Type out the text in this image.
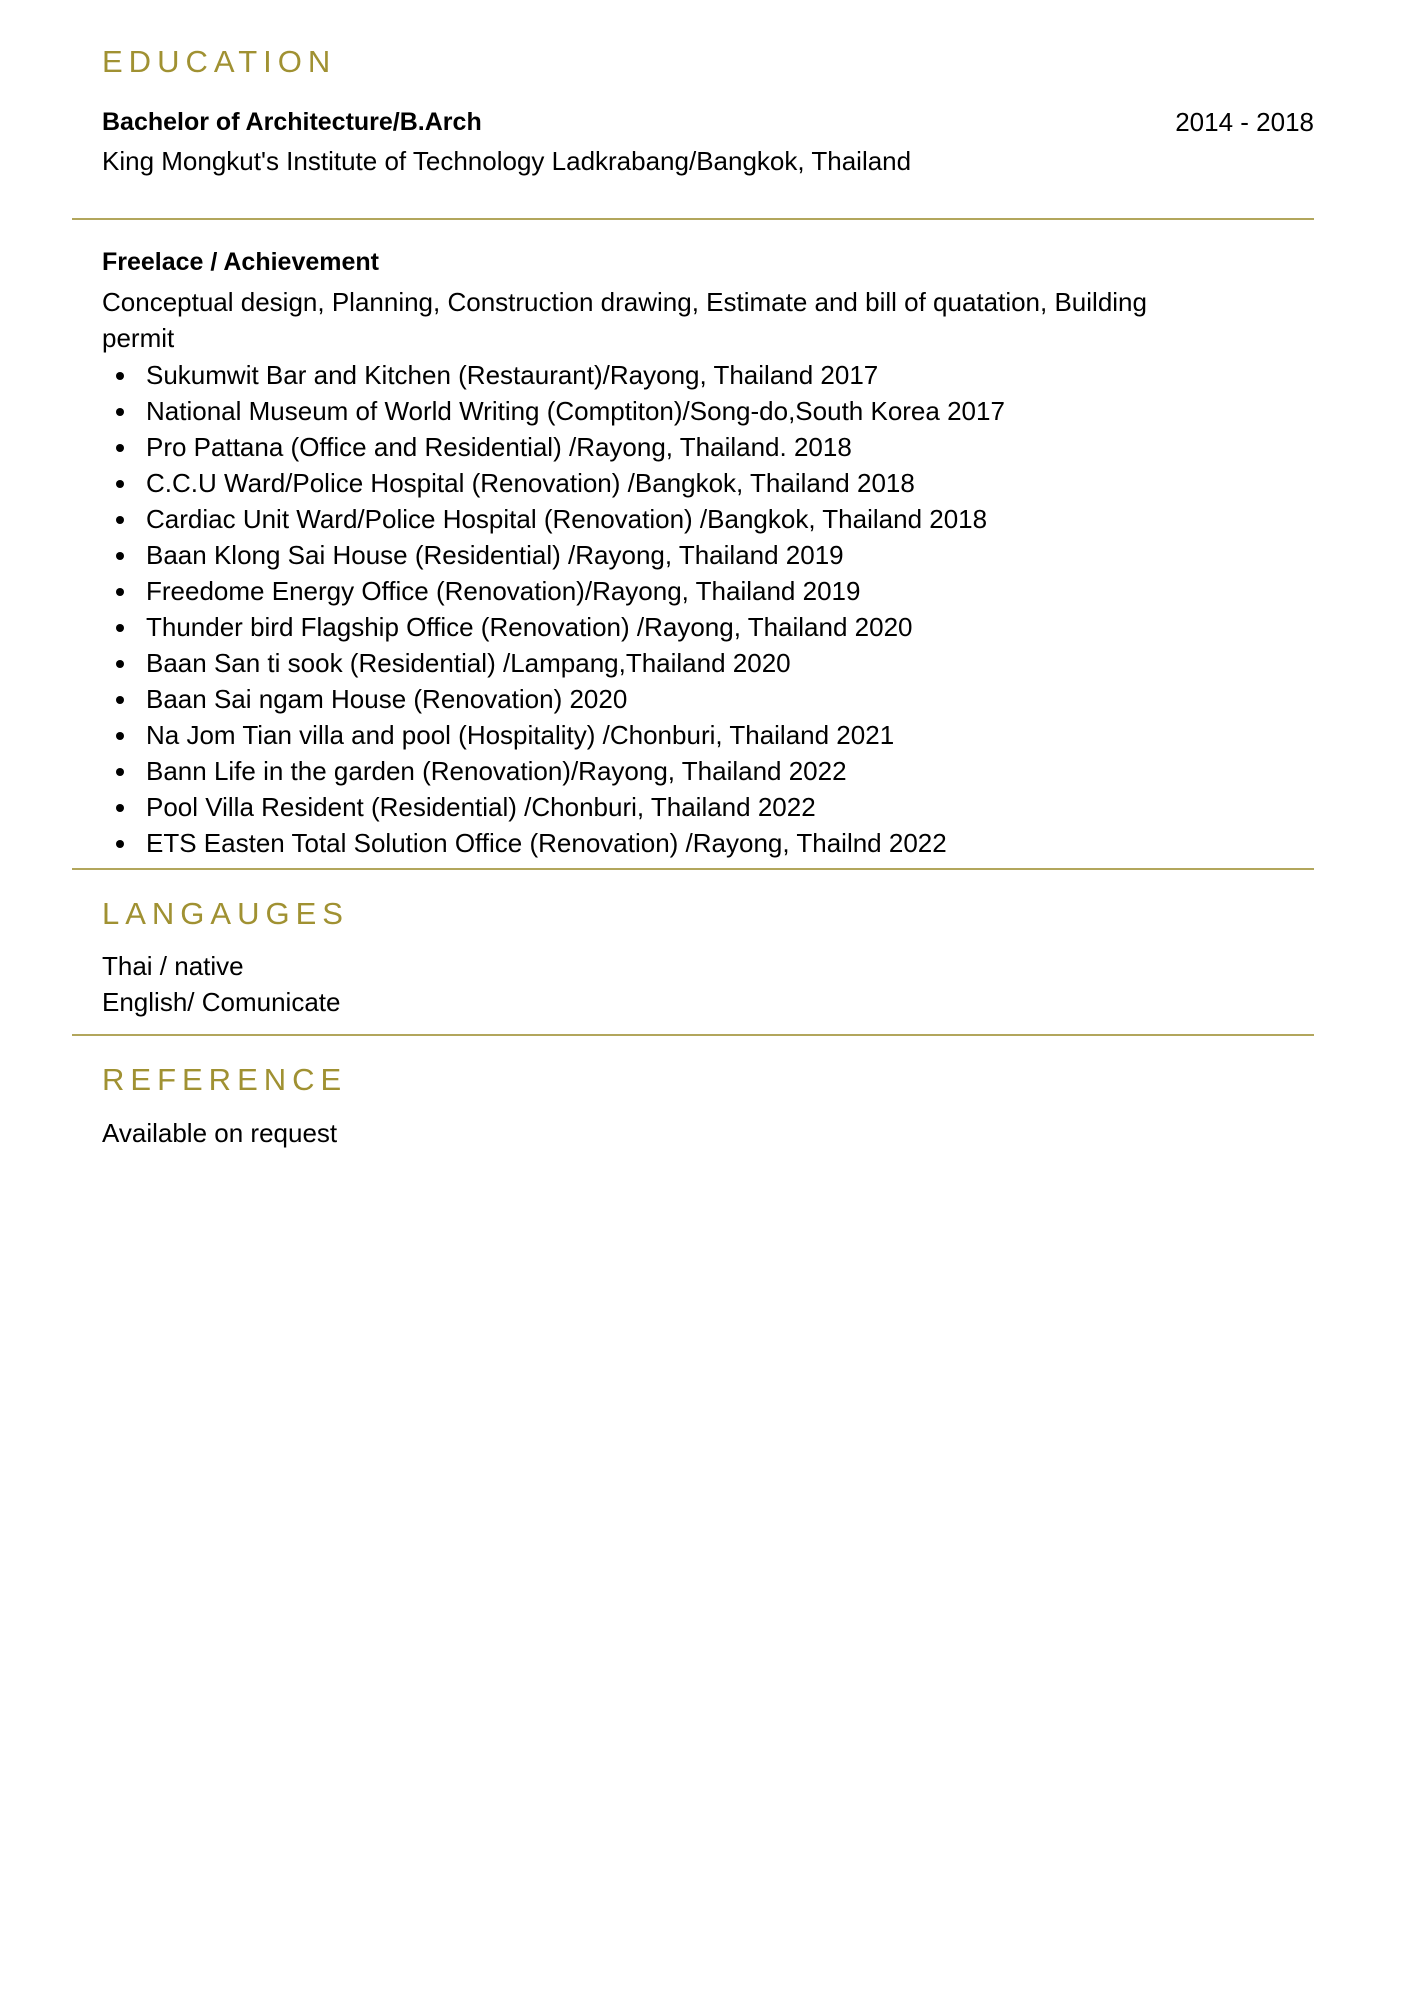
EDUCATION

Bachelor of Architecture/B.Arch	2014 - 2018

King Mongkut's Institute of Technology Ladkrabang/Bangkok, Thailand

Freelace / Achievement

Conceptual design, Planning, Construction drawing, Estimate and bill of quatation, Building permit

Sukumwit Bar and Kitchen (Restaurant)/Rayong, Thailand 2017
National Museum of World Writing (Comptiton)/Song-do,South Korea 2017
Pro Pattana (Office and Residential) /Rayong, Thailand. 2018
C.C.U Ward/Police Hospital (Renovation) /Bangkok, Thailand 2018
Cardiac Unit Ward/Police Hospital (Renovation) /Bangkok, Thailand 2018
Baan Klong Sai House (Residential) /Rayong, Thailand 2019
Freedome Energy Office (Renovation)/Rayong, Thailand 2019
Thunder bird Flagship Office (Renovation) /Rayong, Thailand 2020
Baan San ti sook (Residential) /Lampang,Thailand 2020
Baan Sai ngam House (Renovation) 2020
Na Jom Tian villa and pool (Hospitality) /Chonburi, Thailand 2021
Bann Life in the garden (Renovation)/Rayong, Thailand 2022
Pool Villa Resident (Residential) /Chonburi, Thailand 2022
ETS Easten Total Solution Office (Renovation) /Rayong, Thailnd 2022
LANGAUGES

Thai / native

English/ Comunicate

REFERENCE

Available on request
